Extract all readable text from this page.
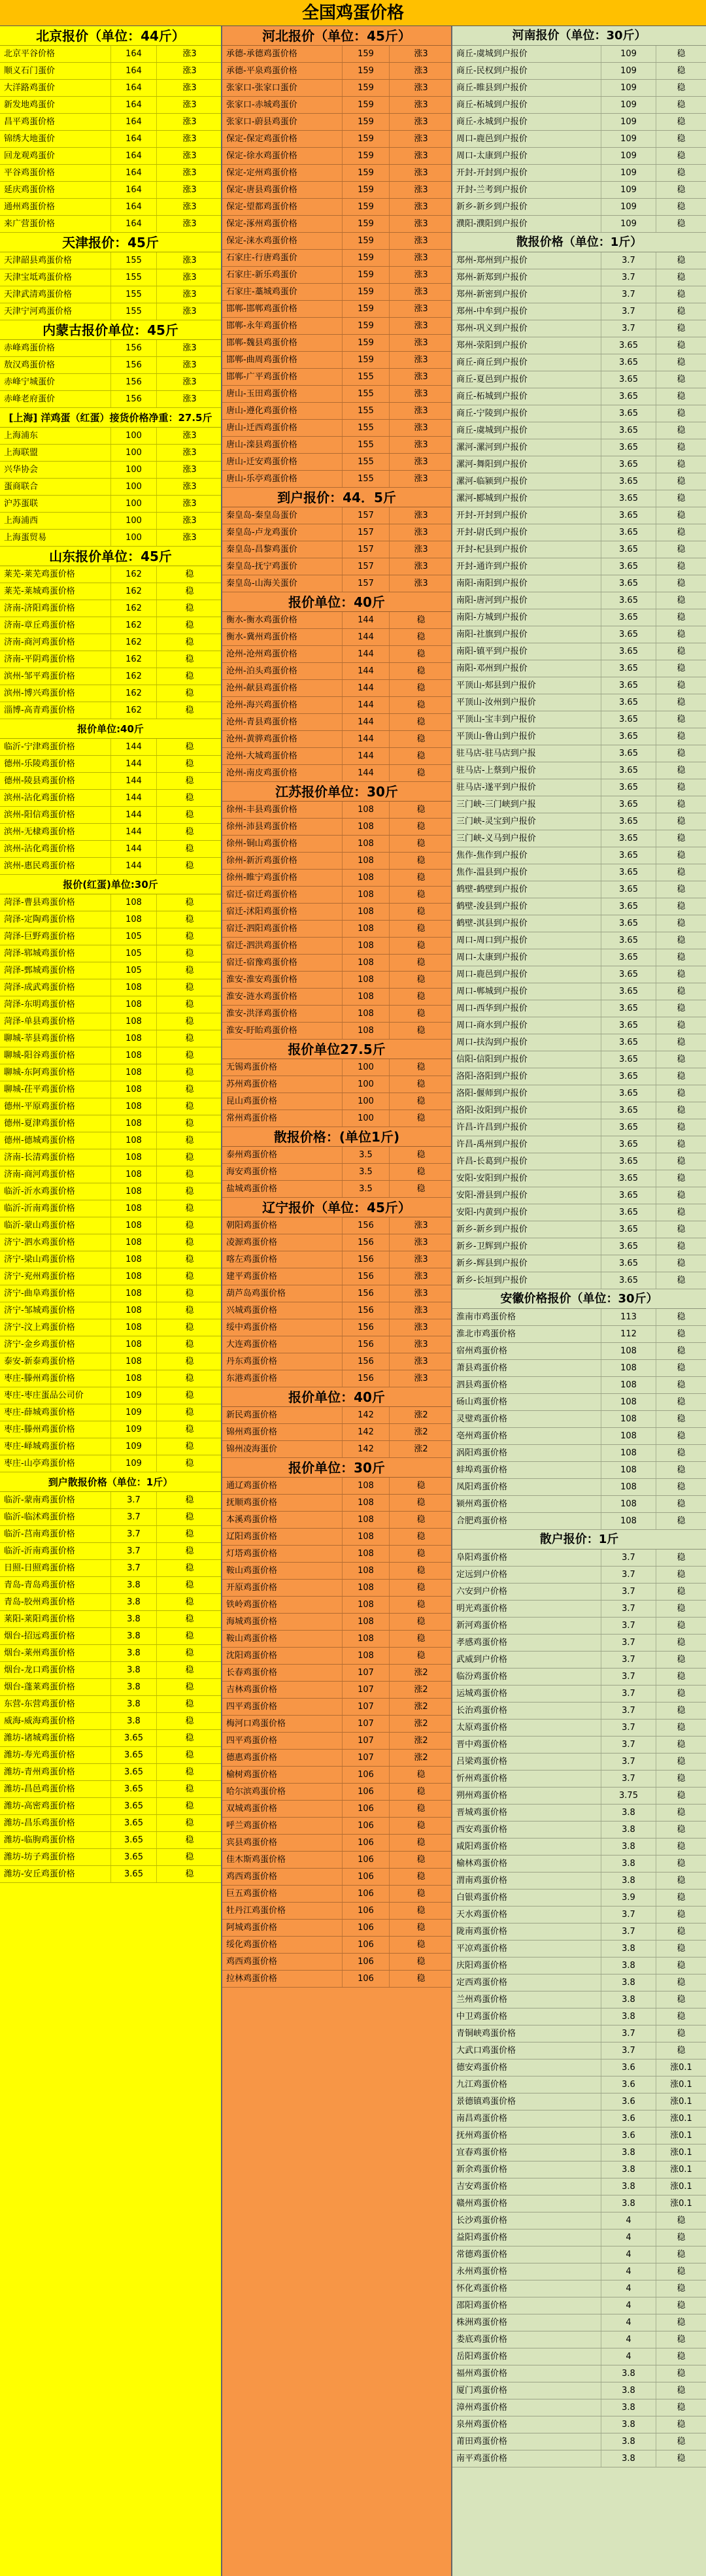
全国鸡蛋价格
北京报价（单位：44斤）
北京平谷价格	164	涨3
顺义石门蛋价	164	涨3
大洋路鸡蛋价	164	涨3
新发地鸡蛋价	164	涨3
昌平鸡蛋价格	164	涨3
锦绣大地蛋价	164	涨3
回龙观鸡蛋价	164	涨3
平谷鸡蛋价格	164	涨3
延庆鸡蛋价格	164	涨3
通州鸡蛋价格	164	涨3
来广营蛋价格	164	涨3
天津报价：45斤
天津韶县鸡蛋价格	155	涨3
天津宝坻鸡蛋价格	155	涨3
天津武清鸡蛋价格	155	涨3
天津宁河鸡蛋价格	155	涨3
内蒙古报价单位：45斤
赤峰鸡蛋价格	156	涨3
敖汉鸡蛋价格	156	涨3
赤峰宁城蛋价	156	涨3
赤峰老府蛋价	156	涨3
[上海] 洋鸡蛋（红蛋）接货价格净重：27.5斤
上海浦东	100	涨3
上海联盟	100	涨3
兴华协会	100	涨3
蛋商联合	100	涨3
沪苏蛋联	100	涨3
上海浦西	100	涨3
上海蛋贸易	100	涨3
山东报价单位：45斤
莱芜-莱芜鸡蛋价格	162	稳
莱芜-莱城鸡蛋价格	162	稳
济南-济阳鸡蛋价格	162	稳
济南-章丘鸡蛋价格	162	稳
济南-商河鸡蛋价格	162	稳
济南-平阴鸡蛋价格	162	稳
滨州-邹平鸡蛋价格	162	稳
滨州-博兴鸡蛋价格	162	稳
淄博-高青鸡蛋价格	162	稳
报价单位:40斤
临沂-宁津鸡蛋价格	144	稳
德州-乐陵鸡蛋价格	144	稳
德州-陵县鸡蛋价格	144	稳
滨州-沾化鸡蛋价格	144	稳
滨州-阳信鸡蛋价格	144	稳
滨州-无棣鸡蛋价格	144	稳
滨州-沾化鸡蛋价格	144	稳
滨州-惠民鸡蛋价格	144	稳
报价(红蛋)单位:30斤
菏泽-曹县鸡蛋价格	108	稳
菏泽-定陶鸡蛋价格	108	稳
菏泽-巨野鸡蛋价格	105	稳
菏泽-郓城鸡蛋价格	105	稳
菏泽-鄄城鸡蛋价格	105	稳
菏泽-成武鸡蛋价格	108	稳
菏泽-东明鸡蛋价格	108	稳
菏泽-单县鸡蛋价格	108	稳
聊城-莘县鸡蛋价格	108	稳
聊城-阳谷鸡蛋价格	108	稳
聊城-东阿鸡蛋价格	108	稳
聊城-茌平鸡蛋价格	108	稳
德州-平原鸡蛋价格	108	稳
德州-夏津鸡蛋价格	108	稳
德州-德城鸡蛋价格	108	稳
济南-长清鸡蛋价格	108	稳
济南-商河鸡蛋价格	108	稳
临沂-沂水鸡蛋价格	108	稳
临沂-沂南鸡蛋价格	108	稳
临沂-蒙山鸡蛋价格	108	稳
济宁-泗水鸡蛋价格	108	稳
济宁-梁山鸡蛋价格	108	稳
济宁-兖州鸡蛋价格	108	稳
济宁-曲阜鸡蛋价格	108	稳
济宁-邹城鸡蛋价格	108	稳
济宁-汶上鸡蛋价格	108	稳
济宁-金乡鸡蛋价格	108	稳
泰安-新泰鸡蛋价格	108	稳
枣庄-滕州鸡蛋价格	108	稳
枣庄-枣庄蛋品公司价	109	稳
枣庄-薛城鸡蛋价格	109	稳
枣庄-滕州鸡蛋价格	109	稳
枣庄-峄城鸡蛋价格	109	稳
枣庄-山亭鸡蛋价格	109	稳
到户散报价格（单位：1斤）
临沂-蒙南鸡蛋价格	3.7	稳
临沂-临沭鸡蛋价格	3.7	稳
临沂-莒南鸡蛋价格	3.7	稳
临沂-沂南鸡蛋价格	3.7	稳
日照-日照鸡蛋价格	3.7	稳
青岛-青岛鸡蛋价格	3.8	稳
青岛-胶州鸡蛋价格	3.8	稳
莱阳-莱阳鸡蛋价格	3.8	稳
烟台-招远鸡蛋价格	3.8	稳
烟台-莱州鸡蛋价格	3.8	稳
烟台-龙口鸡蛋价格	3.8	稳
烟台-蓬莱鸡蛋价格	3.8	稳
东营-东营鸡蛋价格	3.8	稳
威海-威海鸡蛋价格	3.8	稳
潍坊-诸城鸡蛋价格	3.65	稳
潍坊-寿光鸡蛋价格	3.65	稳
潍坊-青州鸡蛋价格	3.65	稳
潍坊-昌邑鸡蛋价格	3.65	稳
潍坊-高密鸡蛋价格	3.65	稳
潍坊-昌乐鸡蛋价格	3.65	稳
潍坊-临朐鸡蛋价格	3.65	稳
潍坊-坊子鸡蛋价格	3.65	稳
潍坊-安丘鸡蛋价格	3.65	稳
河北报价（单位：45斤）
承德-承德鸡蛋价格	159	涨3
承德-平泉鸡蛋价格	159	涨3
张家口-张家口蛋价	159	涨3
张家口-赤城鸡蛋价	159	涨3
张家口-蔚县鸡蛋价	159	涨3
保定-保定鸡蛋价格	159	涨3
保定-徐水鸡蛋价格	159	涨3
保定-定州鸡蛋价格	159	涨3
保定-唐县鸡蛋价格	159	涨3
保定-望都鸡蛋价格	159	涨3
保定-涿州鸡蛋价格	159	涨3
保定-涞水鸡蛋价格	159	涨3
石家庄-行唐鸡蛋价	159	涨3
石家庄-新乐鸡蛋价	159	涨3
石家庄-藁城鸡蛋价	159	涨3
邯郸-邯郸鸡蛋价格	159	涨3
邯郸-永年鸡蛋价格	159	涨3
邯郸-魏县鸡蛋价格	159	涨3
邯郸-曲周鸡蛋价格	159	涨3
邯郸-广平鸡蛋价格	155	涨3
唐山-玉田鸡蛋价格	155	涨3
唐山-遵化鸡蛋价格	155	涨3
唐山-迁西鸡蛋价格	155	涨3
唐山-滦县鸡蛋价格	155	涨3
唐山-迁安鸡蛋价格	155	涨3
唐山-乐亭鸡蛋价格	155	涨3
到户报价：44．5斤
秦皇岛-秦皇岛蛋价	157	涨3
秦皇岛-卢龙鸡蛋价	157	涨3
秦皇岛-昌黎鸡蛋价	157	涨3
秦皇岛-抚宁鸡蛋价	157	涨3
秦皇岛-山海关蛋价	157	涨3
报价单位：40斤
衡水-衡水鸡蛋价格	144	稳
衡水-冀州鸡蛋价格	144	稳
沧州-沧州鸡蛋价格	144	稳
沧州-泊头鸡蛋价格	144	稳
沧州-献县鸡蛋价格	144	稳
沧州-海兴鸡蛋价格	144	稳
沧州-青县鸡蛋价格	144	稳
沧州-黄骅鸡蛋价格	144	稳
沧州-大城鸡蛋价格	144	稳
沧州-南皮鸡蛋价格	144	稳
江苏报价单位：30斤
徐州-丰县鸡蛋价格	108	稳
徐州-沛县鸡蛋价格	108	稳
徐州-铜山鸡蛋价格	108	稳
徐州-新沂鸡蛋价格	108	稳
徐州-睢宁鸡蛋价格	108	稳
宿迁-宿迁鸡蛋价格	108	稳
宿迁-沭阳鸡蛋价格	108	稳
宿迁-泗阳鸡蛋价格	108	稳
宿迁-泗洪鸡蛋价格	108	稳
宿迁-宿豫鸡蛋价格	108	稳
淮安-淮安鸡蛋价格	108	稳
淮安-涟水鸡蛋价格	108	稳
淮安-洪泽鸡蛋价格	108	稳
淮安-盱眙鸡蛋价格	108	稳
报价单位27.5斤
无锡鸡蛋价格	100	稳
苏州鸡蛋价格	100	稳
昆山鸡蛋价格	100	稳
常州鸡蛋价格	100	稳
散报价格：(单位1斤)
泰州鸡蛋价格	3.5	稳
海安鸡蛋价格	3.5	稳
盐城鸡蛋价格	3.5	稳
辽宁报价（单位：45斤）
朝阳鸡蛋价格	156	涨3
凌源鸡蛋价格	156	涨3
喀左鸡蛋价格	156	涨3
建平鸡蛋价格	156	涨3
葫芦岛鸡蛋价格	156	涨3
兴城鸡蛋价格	156	涨3
绥中鸡蛋价格	156	涨3
大连鸡蛋价格	156	涨3
丹东鸡蛋价格	156	涨3
东港鸡蛋价格	156	涨3
报价单位：40斤
新民鸡蛋价格	142	涨2
锦州鸡蛋价格	142	涨2
锦州凌海蛋价	142	涨2
报价单位：30斤
通辽鸡蛋价格	108	稳
抚顺鸡蛋价格	108	稳
本溪鸡蛋价格	108	稳
辽阳鸡蛋价格	108	稳
灯塔鸡蛋价格	108	稳
鞍山鸡蛋价格	108	稳
开原鸡蛋价格	108	稳
铁岭鸡蛋价格	108	稳
海城鸡蛋价格	108	稳
鞍山鸡蛋价格	108	稳
沈阳鸡蛋价格	108	稳
长春鸡蛋价格	107	涨2
吉林鸡蛋价格	107	涨2
四平鸡蛋价格	107	涨2
梅河口鸡蛋价格	107	涨2
四平鸡蛋价格	107	涨2
德惠鸡蛋价格	107	涨2
榆树鸡蛋价格	106	稳
哈尔滨鸡蛋价格	106	稳
双城鸡蛋价格	106	稳
呼兰鸡蛋价格	106	稳
宾县鸡蛋价格	106	稳
佳木斯鸡蛋价格	106	稳
鸡西鸡蛋价格	106	稳
巨五鸡蛋价格	106	稳
牡丹江鸡蛋价格	106	稳
阿城鸡蛋价格	106	稳
绥化鸡蛋价格	106	稳
鸡西鸡蛋价格	106	稳
拉林鸡蛋价格	106	稳
河南报价（单位：30斤）
商丘-虞城到户报价	109	稳
商丘-民权到户报价	109	稳
商丘-睢县到户报价	109	稳
商丘-柘城到户报价	109	稳
商丘-永城到户报价	109	稳
周口-鹿邑到户报价	109	稳
周口-太康到户报价	109	稳
开封-开封到户报价	109	稳
开封-兰考到户报价	109	稳
新乡-新乡到户报价	109	稳
濮阳-濮阳到户报价	109	稳
散报价格（单位：1斤）
郑州-郑州到户报价	3.7	稳
郑州-新郑到户报价	3.7	稳
郑州-新密到户报价	3.7	稳
郑州-中牟到户报价	3.7	稳
郑州-巩义到户报价	3.7	稳
郑州-荥阳到户报价	3.65	稳
商丘-商丘到户报价	3.65	稳
商丘-夏邑到户报价	3.65	稳
商丘-柘城到户报价	3.65	稳
商丘-宁陵到户报价	3.65	稳
商丘-虞城到户报价	3.65	稳
漯河-漯河到户报价	3.65	稳
漯河-舞阳到户报价	3.65	稳
漯河-临颍到户报价	3.65	稳
漯河-郾城到户报价	3.65	稳
开封-开封到户报价	3.65	稳
开封-尉氏到户报价	3.65	稳
开封-杞县到户报价	3.65	稳
开封-通许到户报价	3.65	稳
南阳-南阳到户报价	3.65	稳
南阳-唐河到户报价	3.65	稳
南阳-方城到户报价	3.65	稳
南阳-社旗到户报价	3.65	稳
南阳-镇平到户报价	3.65	稳
南阳-邓州到户报价	3.65	稳
平顶山-郏县到户报价	3.65	稳
平顶山-汝州到户报价	3.65	稳
平顶山-宝丰到户报价	3.65	稳
平顶山-鲁山到户报价	3.65	稳
驻马店-驻马店到户报	3.65	稳
驻马店-上蔡到户报价	3.65	稳
驻马店-遂平到户报价	3.65	稳
三门峡-三门峡到户报	3.65	稳
三门峡-灵宝到户报价	3.65	稳
三门峡-义马到户报价	3.65	稳
焦作-焦作到户报价	3.65	稳
焦作-温县到户报价	3.65	稳
鹤壁-鹤壁到户报价	3.65	稳
鹤壁-浚县到户报价	3.65	稳
鹤壁-淇县到户报价	3.65	稳
周口-周口到户报价	3.65	稳
周口-太康到户报价	3.65	稳
周口-鹿邑到户报价	3.65	稳
周口-郸城到户报价	3.65	稳
周口-西华到户报价	3.65	稳
周口-商水到户报价	3.65	稳
周口-扶沟到户报价	3.65	稳
信阳-信阳到户报价	3.65	稳
洛阳-洛阳到户报价	3.65	稳
洛阳-偃师到户报价	3.65	稳
洛阳-汝阳到户报价	3.65	稳
许昌-许昌到户报价	3.65	稳
许昌-禹州到户报价	3.65	稳
许昌-长葛到户报价	3.65	稳
安阳-安阳到户报价	3.65	稳
安阳-滑县到户报价	3.65	稳
安阳-内黄到户报价	3.65	稳
新乡-新乡到户报价	3.65	稳
新乡-卫辉到户报价	3.65	稳
新乡-辉县到户报价	3.65	稳
新乡-长垣到户报价	3.65	稳
安徽价格报价（单位：30斤）
淮南市鸡蛋价格	113	稳
淮北市鸡蛋价格	112	稳
宿州鸡蛋价格	108	稳
萧县鸡蛋价格	108	稳
泗县鸡蛋价格	108	稳
砀山鸡蛋价格	108	稳
灵璧鸡蛋价格	108	稳
亳州鸡蛋价格	108	稳
涡阳鸡蛋价格	108	稳
蚌埠鸡蛋价格	108	稳
凤阳鸡蛋价格	108	稳
颍州鸡蛋价格	108	稳
合肥鸡蛋价格	108	稳
散户报价：1斤
阜阳鸡蛋价格	3.7	稳
定远到户价格	3.7	稳
六安到户价格	3.7	稳
明光鸡蛋价格	3.7	稳
新河鸡蛋价格	3.7	稳
孝感鸡蛋价格	3.7	稳
武威到户价格	3.7	稳
临汾鸡蛋价格	3.7	稳
运城鸡蛋价格	3.7	稳
长治鸡蛋价格	3.7	稳
太原鸡蛋价格	3.7	稳
晋中鸡蛋价格	3.7	稳
吕梁鸡蛋价格	3.7	稳
忻州鸡蛋价格	3.7	稳
朔州鸡蛋价格	3.75	稳
晋城鸡蛋价格	3.8	稳
西安鸡蛋价格	3.8	稳
咸阳鸡蛋价格	3.8	稳
榆林鸡蛋价格	3.8	稳
渭南鸡蛋价格	3.8	稳
白银鸡蛋价格	3.9	稳
天水鸡蛋价格	3.7	稳
陇南鸡蛋价格	3.7	稳
平凉鸡蛋价格	3.8	稳
庆阳鸡蛋价格	3.8	稳
定西鸡蛋价格	3.8	稳
兰州鸡蛋价格	3.8	稳
中卫鸡蛋价格	3.8	稳
青铜峡鸡蛋价格	3.7	稳
大武口鸡蛋价格	3.7	稳
德安鸡蛋价格	3.6	涨0.1
九江鸡蛋价格	3.6	涨0.1
景德镇鸡蛋价格	3.6	涨0.1
南昌鸡蛋价格	3.6	涨0.1
抚州鸡蛋价格	3.6	涨0.1
宜春鸡蛋价格	3.8	涨0.1
新余鸡蛋价格	3.8	涨0.1
吉安鸡蛋价格	3.8	涨0.1
赣州鸡蛋价格	3.8	涨0.1
长沙鸡蛋价格	4	稳
益阳鸡蛋价格	4	稳
常德鸡蛋价格	4	稳
永州鸡蛋价格	4	稳
怀化鸡蛋价格	4	稳
邵阳鸡蛋价格	4	稳
株洲鸡蛋价格	4	稳
娄底鸡蛋价格	4	稳
岳阳鸡蛋价格	4	稳
福州鸡蛋价格	3.8	稳
厦门鸡蛋价格	3.8	稳
漳州鸡蛋价格	3.8	稳
泉州鸡蛋价格	3.8	稳
莆田鸡蛋价格	3.8	稳
南平鸡蛋价格	3.8	稳
